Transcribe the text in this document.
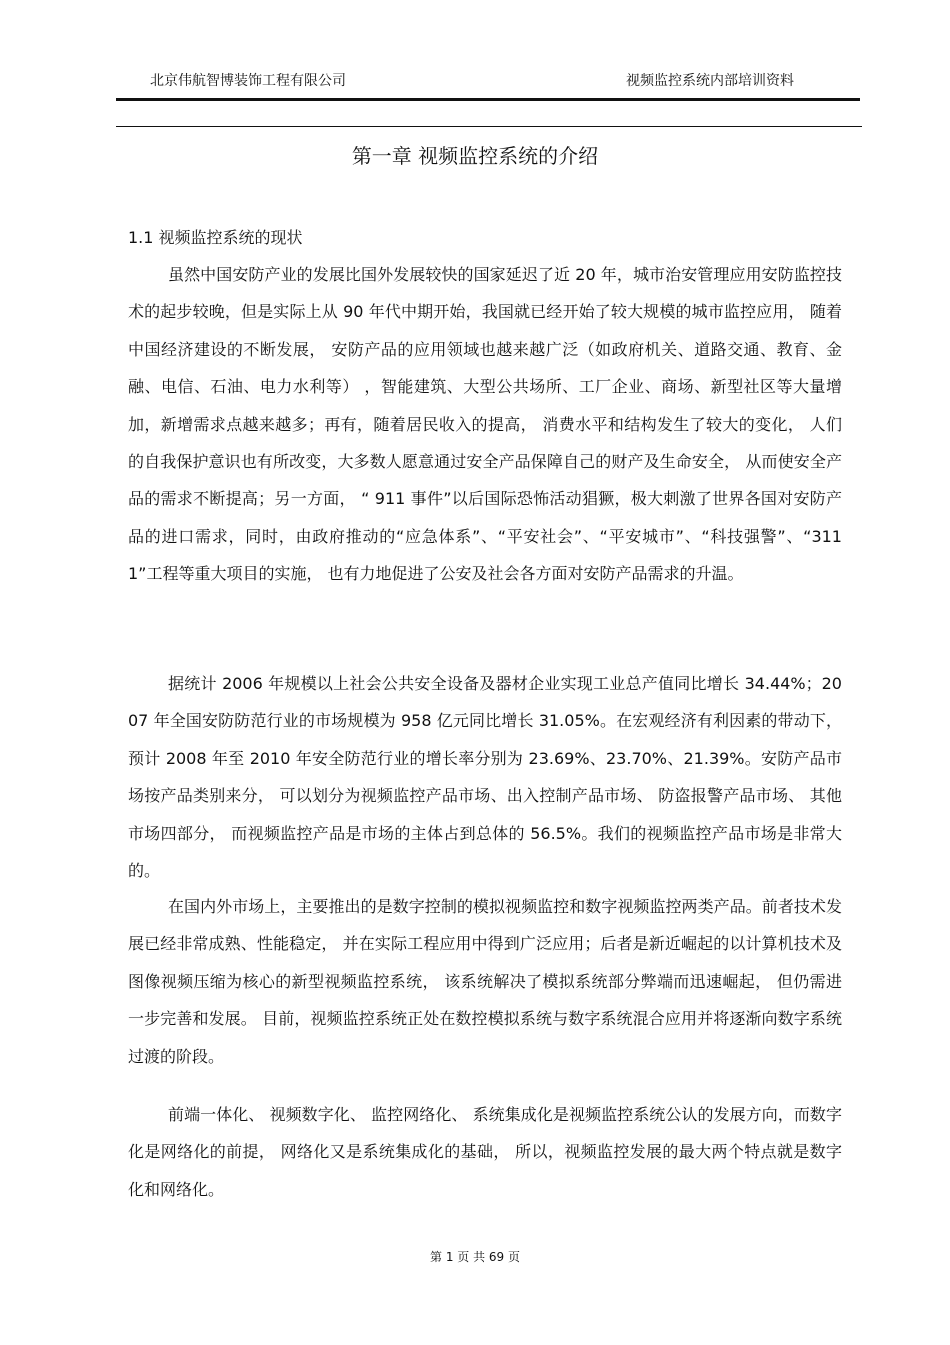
北京伟航智博装饰工程有限公司	视频监控系统内部培训资料
第一章 视频监控系统的介绍
1.1 视频监控系统的现状

虽然中国安防产业的发展比国外发展较快的国家延迟了近 20 年，城市治安管理应用安防监控技术的起步较晚，但是实际上从 90 年代中期开始，我国就已经开始了较大规模的城市监控应用， 随着中国经济建设的不断发展， 安防产品的应用领域也越来越广泛（如政府机关、道路交通、教育、金融、电信、石油、电力水利等） ，智能建筑、大型公共场所、工厂企业、商场、新型社区等大量增加，新增需求点越来越多；再有，随着居民收入的提高， 消费水平和结构发生了较大的变化， 人们的自我保护意识也有所改变，大多数人愿意通过安全产品保障自己的财产及生命安全， 从而使安全产品的需求不断提高；另一方面， “ 911 事件”以后国际恐怖活动猖獗，极大刺激了世界各国对安防产品的进口需求，同时，由政府推动的“应急体系”、“平安社会”、“平安城市”、“科技强警”、“3111”工程等重大项目的实施， 也有力地促进了公安及社会各方面对安防产品需求的升温。

据统计 2006 年规模以上社会公共安全设备及器材企业实现工业总产值同比增长 34.44%；2007 年全国安防防范行业的市场规模为 958 亿元同比增长 31.05%。在宏观经济有利因素的带动下，预计 2008 年至 2010 年安全防范行业的增长率分别为 23.69%、23.70%、21.39%。安防产品市场按产品类别来分， 可以划分为视频监控产品市场、出入控制产品市场、 防盗报警产品市场、 其他市场四部分， 而视频监控产品是市场的主体占到总体的 56.5%。我们的视频监控产品市场是非常大的。

在国内外市场上，主要推出的是数字控制的模拟视频监控和数字视频监控两类产品。前者技术发展已经非常成熟、性能稳定， 并在实际工程应用中得到广泛应用；后者是新近崛起的以计算机技术及图像视频压缩为核心的新型视频监控系统， 该系统解决了模拟系统部分弊端而迅速崛起， 但仍需进一步完善和发展。 目前，视频监控系统正处在数控模拟系统与数字系统混合应用并将逐渐向数字系统过渡的阶段。

前端一体化、 视频数字化、 监控网络化、 系统集成化是视频监控系统公认的发展方向，而数字化是网络化的前提， 网络化又是系统集成化的基础， 所以，视频监控发展的最大两个特点就是数字化和网络化。

第 1 页 共 69 页
